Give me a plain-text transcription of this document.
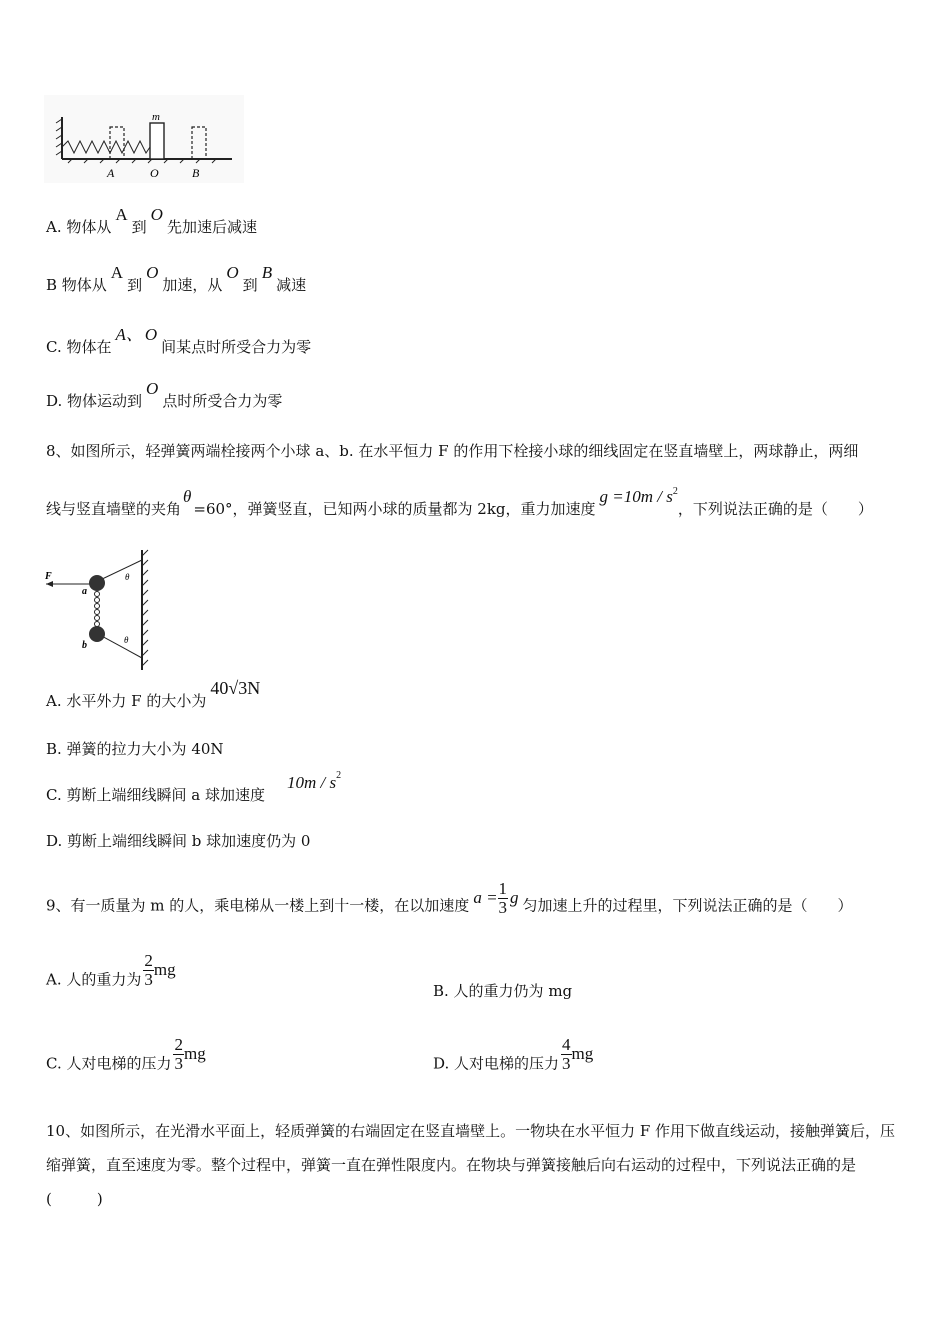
m
A	O	B
A. 物体从A到O先加速后减速
B 物体从A到O加速，从O到B减速
C. 物体在A、 O间某点时所受合力为零
D. 物体运动到O点时所受合力为零
8、如图所示，轻弹簧两端栓接两个小球 a、b. 在水平恒力 F 的作用下栓接小球的细线固定在竖直墙壁上，两球静止，两细
线与竖直墙壁的夹角θ=60°，弹簧竖直，已知两小球的质量都为 2kg，重力加速度$g =10m / s^2$，下列说法正确的是（　　）
F
a
b
θ
θ
A. 水平外力 F 的大小为40√3N
B. 弹簧的拉力大小为 40N
C. 剪断上端细线瞬间 a 球加速度$10m / s^2$
D. 剪断上端细线瞬间 b 球加速度仍为 0
9、有一质量为 m 的人，乘电梯从一楼上到十一楼，在以加速度 $a = \frac{1}{3}$ g 匀加速上升的过程里，下列说法正确的是（　　）
A. 人的重力为 $\frac{2}{3}$ mg
B. 人的重力仍为 mg
C. 人对电梯的压力 $\frac{2}{3}$ mg
D. 人对电梯的压力 $\frac{4}{3}$ mg
10、如图所示，在光滑水平面上，轻质弹簧的右端固定在竖直墙壁上。一物块在水平恒力 F 作用下做直线运动，接触弹簧后，压缩弹簧，直至速度为零。整个过程中，弹簧一直在弹性限度内。在物块与弹簧接触后向右运动的过程中，下列说法正确的是(　　　)
